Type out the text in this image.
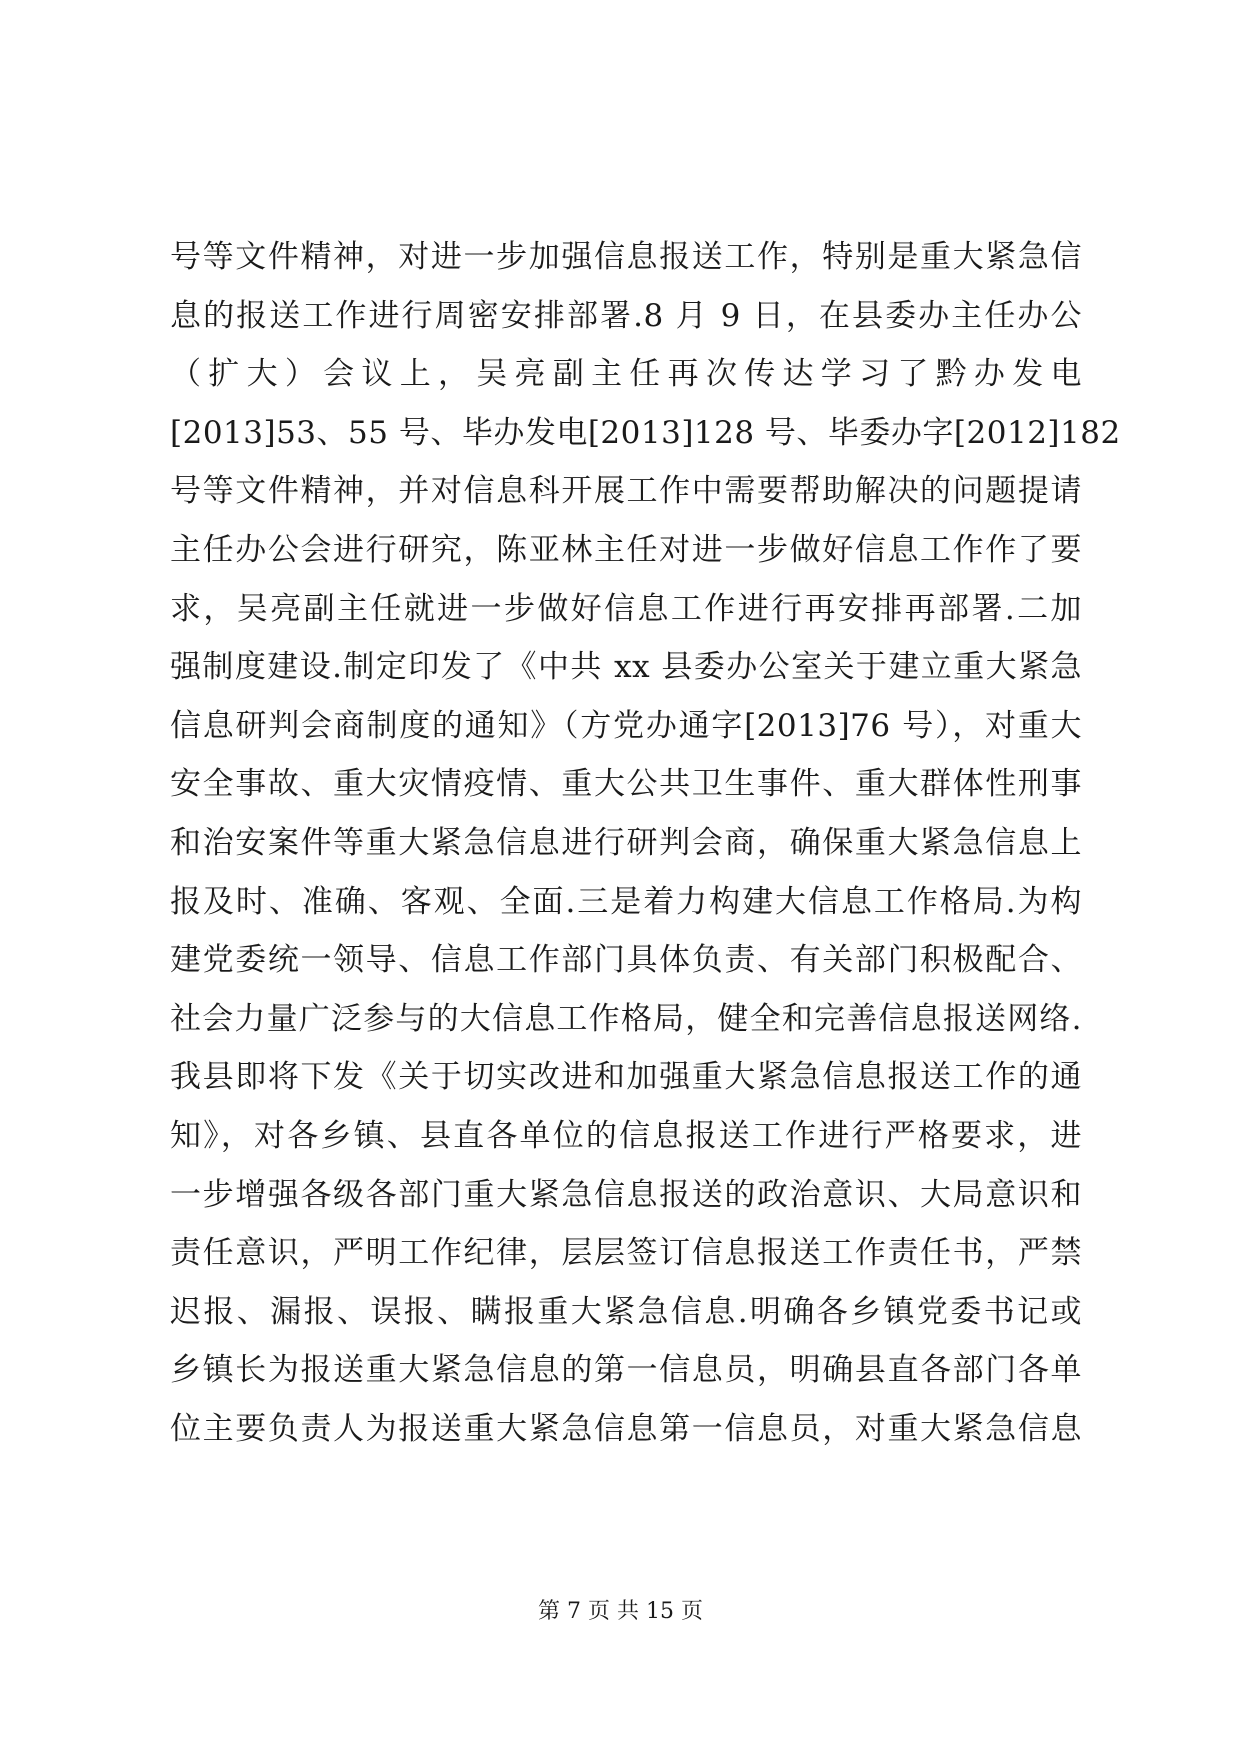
号等文件精神，对进一步加强信息报送工作，特别是重大紧急信
息的报送工作进行周密安排部署.8 月 9 日，在县委办主任办公
（扩大）会议上，吴亮副主任再次传达学习了黔办发电
[2013]53、55 号、毕办发电[2013]128 号、毕委办字[2012]182
号等文件精神，并对信息科开展工作中需要帮助解决的问题提请
主任办公会进行研究，陈亚林主任对进一步做好信息工作作了要
求，吴亮副主任就进一步做好信息工作进行再安排再部署.二加
强制度建设.制定印发了《中共 xx 县委办公室关于建立重大紧急
信息研判会商制度的通知》（方党办通字[2013]76 号），对重大
安全事故、重大灾情疫情、重大公共卫生事件、重大群体性刑事
和治安案件等重大紧急信息进行研判会商，确保重大紧急信息上
报及时、准确、客观、全面.三是着力构建大信息工作格局.为构
建党委统一领导、信息工作部门具体负责、有关部门积极配合、
社会力量广泛参与的大信息工作格局，健全和完善信息报送网络.
我县即将下发《关于切实改进和加强重大紧急信息报送工作的通
知》，对各乡镇、县直各单位的信息报送工作进行严格要求，进
一步增强各级各部门重大紧急信息报送的政治意识、大局意识和
责任意识，严明工作纪律，层层签订信息报送工作责任书，严禁
迟报、漏报、误报、瞒报重大紧急信息.明确各乡镇党委书记或
乡镇长为报送重大紧急信息的第一信息员，明确县直各部门各单
位主要负责人为报送重大紧急信息第一信息员，对重大紧急信息
第 7 页 共 15 页
